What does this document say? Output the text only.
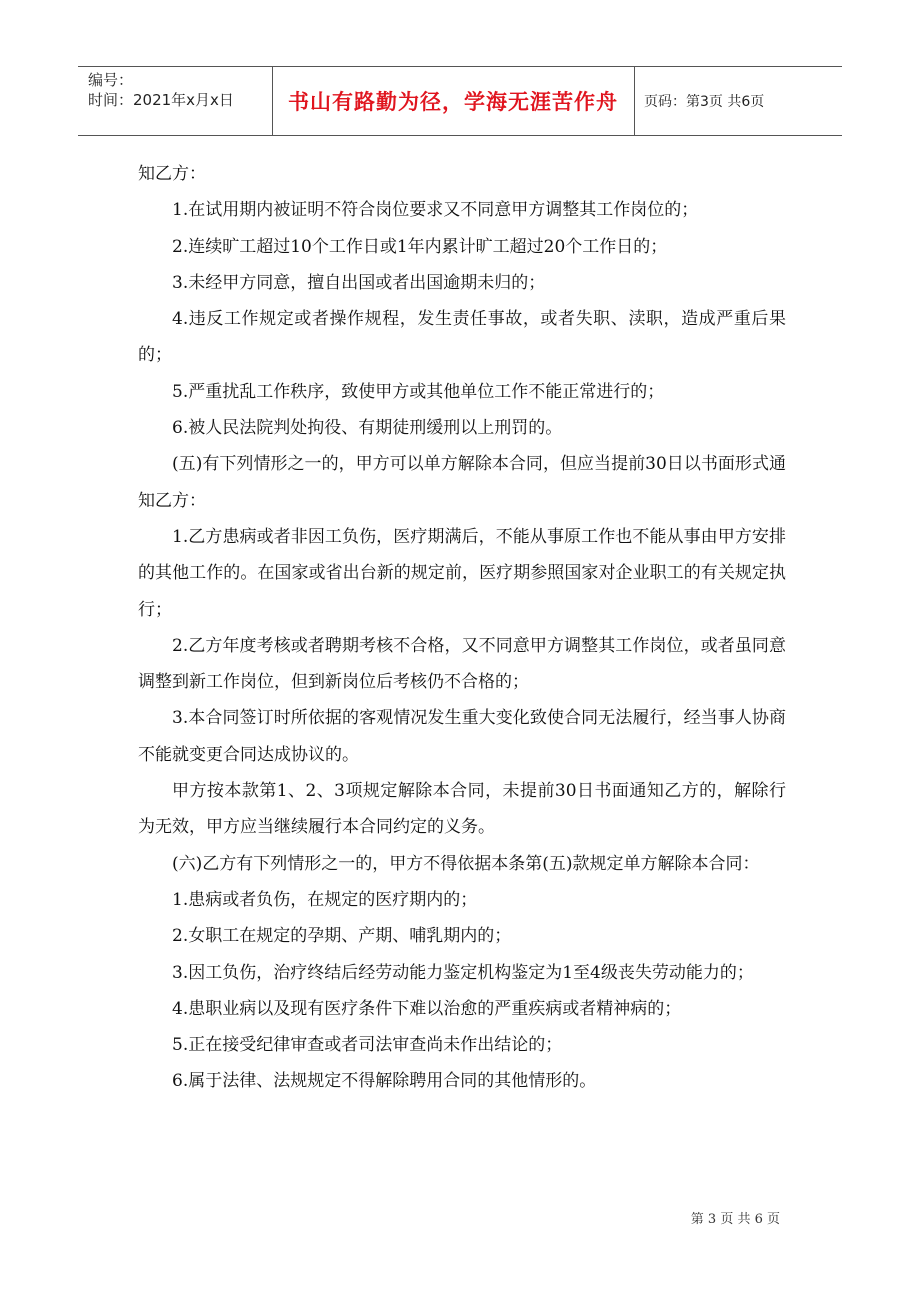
编号：
时间：2021年x月x日	书山有路勤为径，学海无涯苦作舟 页码：第3页 共6页

知乙方：

1.在试用期内被证明不符合岗位要求又不同意甲方调整其工作岗位的；

2.连续旷工超过10个工作日或1年内累计旷工超过20个工作日的；

3.未经甲方同意，擅自出国或者出国逾期未归的；

4.违反工作规定或者操作规程，发生责任事故，或者失职、渎职，造成严重后果的；

5.严重扰乱工作秩序，致使甲方或其他单位工作不能正常进行的；

6.被人民法院判处拘役、有期徒刑缓刑以上刑罚的。

(五)有下列情形之一的，甲方可以单方解除本合同，但应当提前30日以书面形式通知乙方：

1.乙方患病或者非因工负伤，医疗期满后，不能从事原工作也不能从事由甲方安排的其他工作的。在国家或省出台新的规定前，医疗期参照国家对企业职工的有关规定执行；

2.乙方年度考核或者聘期考核不合格，又不同意甲方调整其工作岗位，或者虽同意调整到新工作岗位，但到新岗位后考核仍不合格的；

3.本合同签订时所依据的客观情况发生重大变化致使合同无法履行，经当事人协商不能就变更合同达成协议的。

甲方按本款第1、2、3项规定解除本合同，未提前30日书面通知乙方的，解除行为无效，甲方应当继续履行本合同约定的义务。

(六)乙方有下列情形之一的，甲方不得依据本条第(五)款规定单方解除本合同：

1.患病或者负伤，在规定的医疗期内的；

2.女职工在规定的孕期、产期、哺乳期内的；

3.因工负伤，治疗终结后经劳动能力鉴定机构鉴定为1至4级丧失劳动能力的；

4.患职业病以及现有医疗条件下难以治愈的严重疾病或者精神病的；

5.正在接受纪律审查或者司法审查尚未作出结论的；

6.属于法律、法规规定不得解除聘用合同的其他情形的。

第 3 页 共 6 页
